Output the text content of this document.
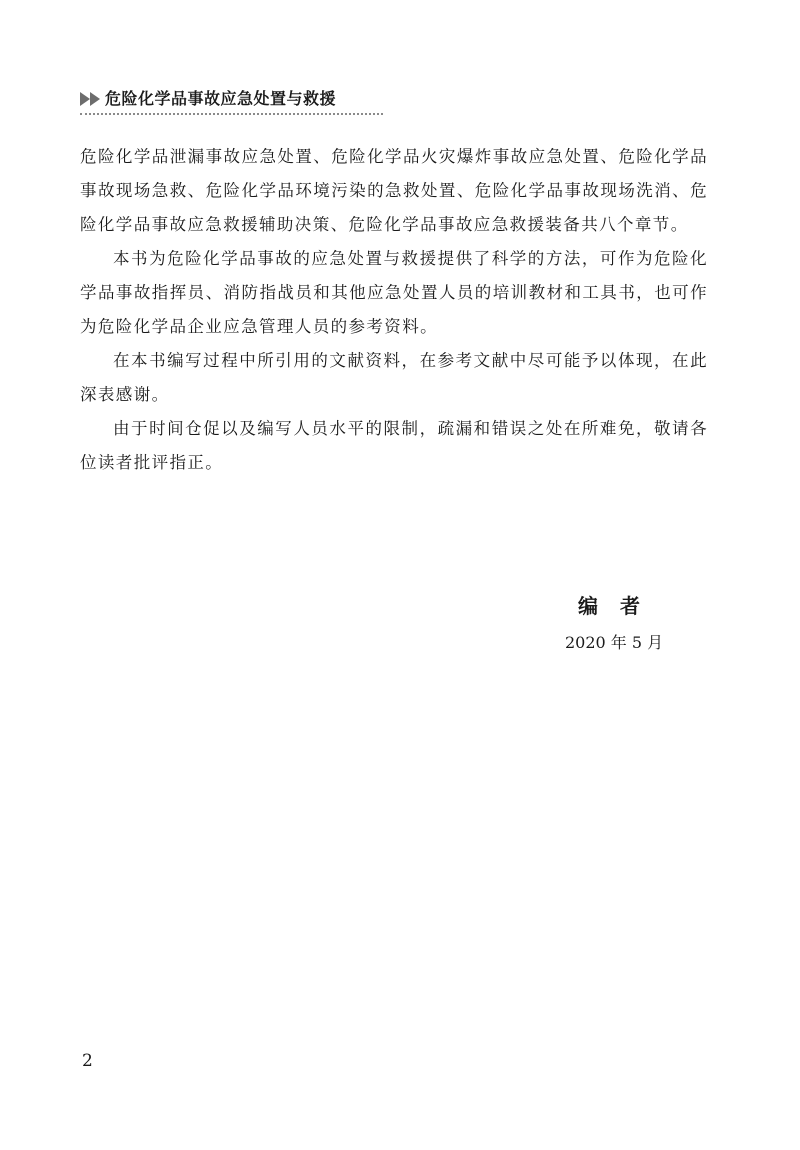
危险化学品事故应急处置与救援

危险化学品泄漏事故应急处置、危险化学品火灾爆炸事故应急处置、危险化学品事故现场急救、危险化学品环境污染的急救处置、危险化学品事故现场洗消、危险化学品事故应急救援辅助决策、危险化学品事故应急救援装备共八个章节。

本书为危险化学品事故的应急处置与救援提供了科学的方法，可作为危险化学品事故指挥员、消防指战员和其他应急处置人员的培训教材和工具书，也可作为危险化学品企业应急管理人员的参考资料。

在本书编写过程中所引用的文献资料，在参考文献中尽可能予以体现，在此深表感谢。

由于时间仓促以及编写人员水平的限制，疏漏和错误之处在所难免，敬请各位读者批评指正。

编者
2020 年 5 月
2
